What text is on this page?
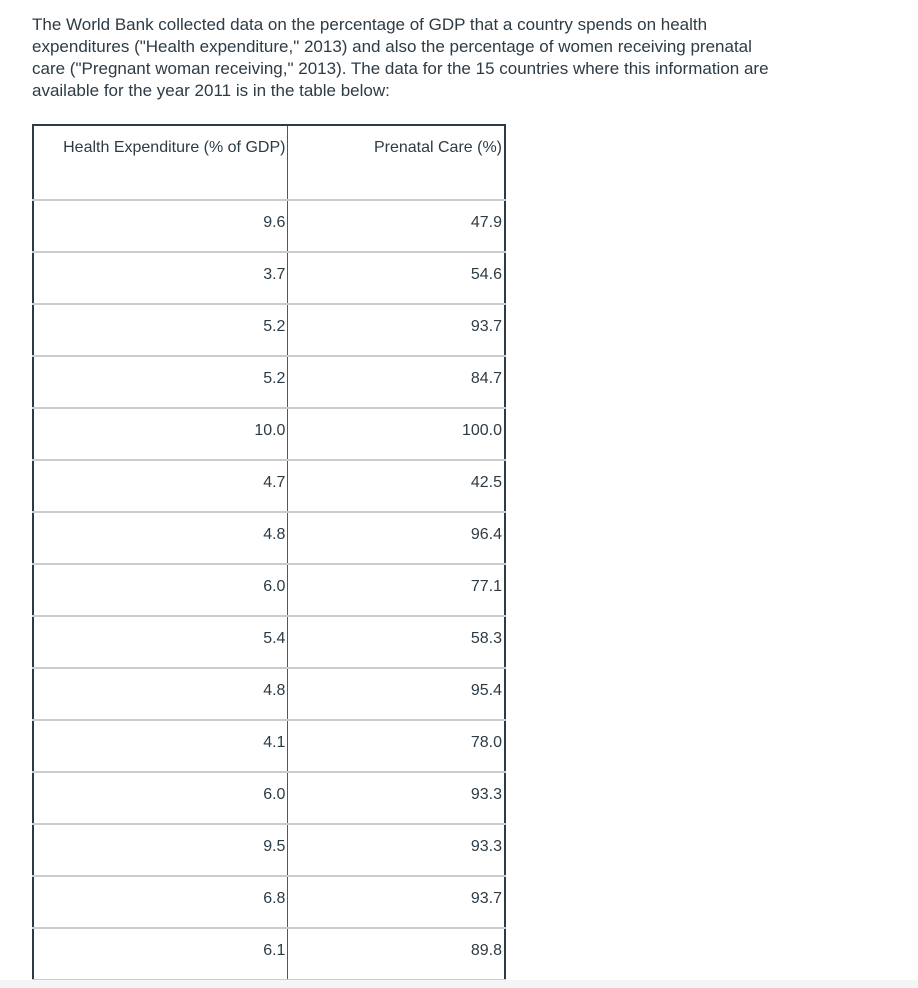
The World Bank collected data on the percentage of GDP that a country spends on health expenditures ("Health expenditure," 2013) and also the percentage of women receiving prenatal care ("Pregnant woman receiving," 2013). The data for the 15 countries where this information are available for the year 2011 is in the table below:

Health Expenditure (% of GDP)	Prenatal Care (%)
9.6	47.9
3.7	54.6
5.2	93.7
5.2	84.7
10.0	100.0
4.7	42.5
4.8	96.4
6.0	77.1
5.4	58.3
4.8	95.4
4.1	78.0
6.0	93.3
9.5	93.3
6.8	93.7
6.1	89.8
